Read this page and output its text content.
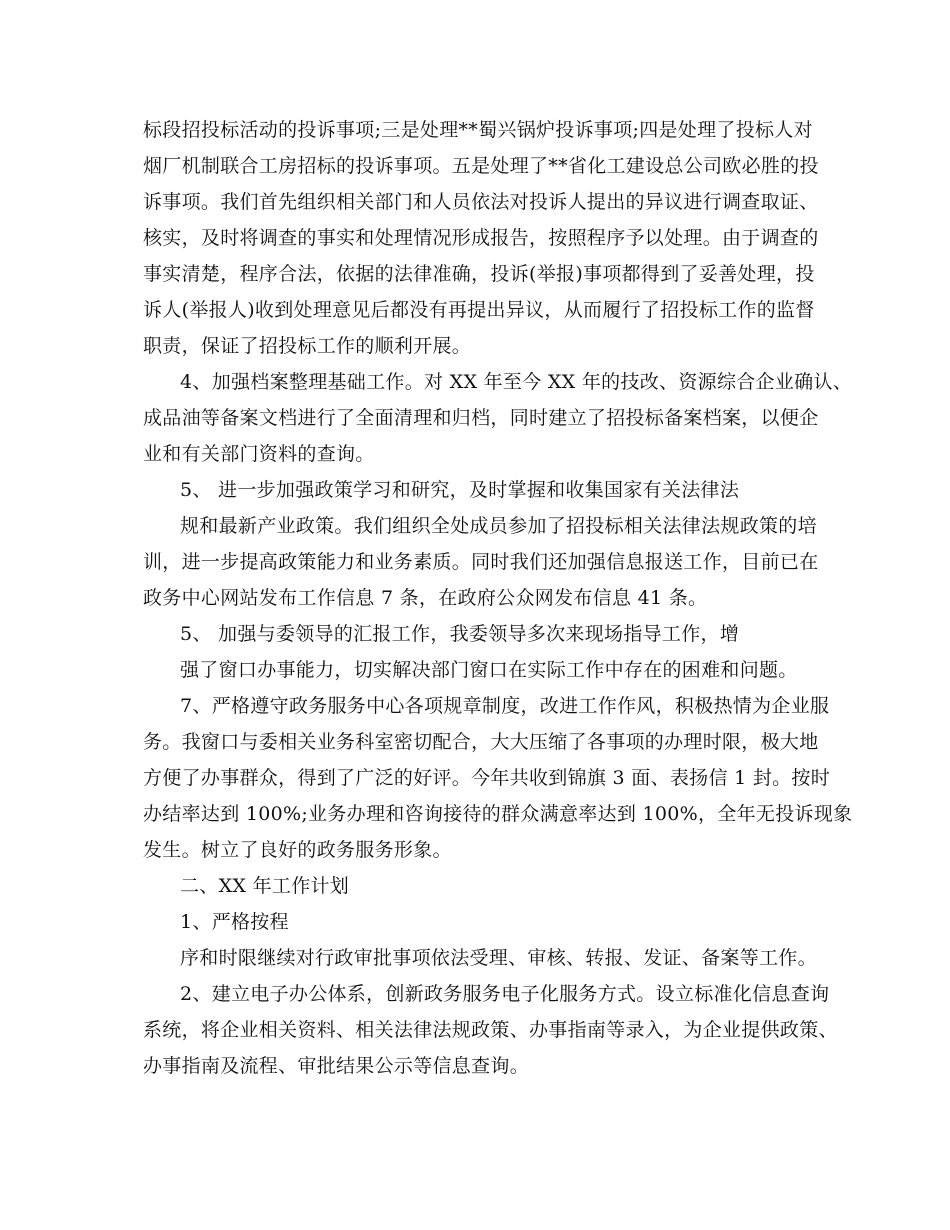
标段招投标活动的投诉事项;三是处理**蜀兴锅炉投诉事项;四是处理了投标人对
烟厂机制联合工房招标的投诉事项。五是处理了**省化工建设总公司欧必胜的投
诉事项。我们首先组织相关部门和人员依法对投诉人提出的异议进行调查取证、
核实，及时将调查的事实和处理情况形成报告，按照程序予以处理。由于调查的
事实清楚，程序合法，依据的法律准确，投诉(举报)事项都得到了妥善处理，投
诉人(举报人)收到处理意见后都没有再提出异议，从而履行了招投标工作的监督
职责，保证了招投标工作的顺利开展。
4、加强档案整理基础工作。对 XX 年至今 XX 年的技改、资源综合企业确认、
成品油等备案文档进行了全面清理和归档，同时建立了招投标备案档案，以便企
业和有关部门资料的查询。
5、 进一步加强政策学习和研究，及时掌握和收集国家有关法律法
规和最新产业政策。我们组织全处成员参加了招投标相关法律法规政策的培
训，进一步提高政策能力和业务素质。同时我们还加强信息报送工作，目前已在
政务中心网站发布工作信息 7 条，在政府公众网发布信息 41 条。
5、 加强与委领导的汇报工作，我委领导多次来现场指导工作，增
强了窗口办事能力，切实解决部门窗口在实际工作中存在的困难和问题。
7、严格遵守政务服务中心各项规章制度，改进工作作风，积极热情为企业服
务。我窗口与委相关业务科室密切配合，大大压缩了各事项的办理时限，极大地
方便了办事群众，得到了广泛的好评。今年共收到锦旗 3 面、表扬信 1 封。按时
办结率达到 100%;业务办理和咨询接待的群众满意率达到 100%，全年无投诉现象
发生。树立了良好的政务服务形象。
二、XX 年工作计划
1、严格按程
序和时限继续对行政审批事项依法受理、审核、转报、发证、备案等工作。
2、建立电子办公体系，创新政务服务电子化服务方式。设立标准化信息查询
系统，将企业相关资料、相关法律法规政策、办事指南等录入，为企业提供政策、
办事指南及流程、审批结果公示等信息查询。
